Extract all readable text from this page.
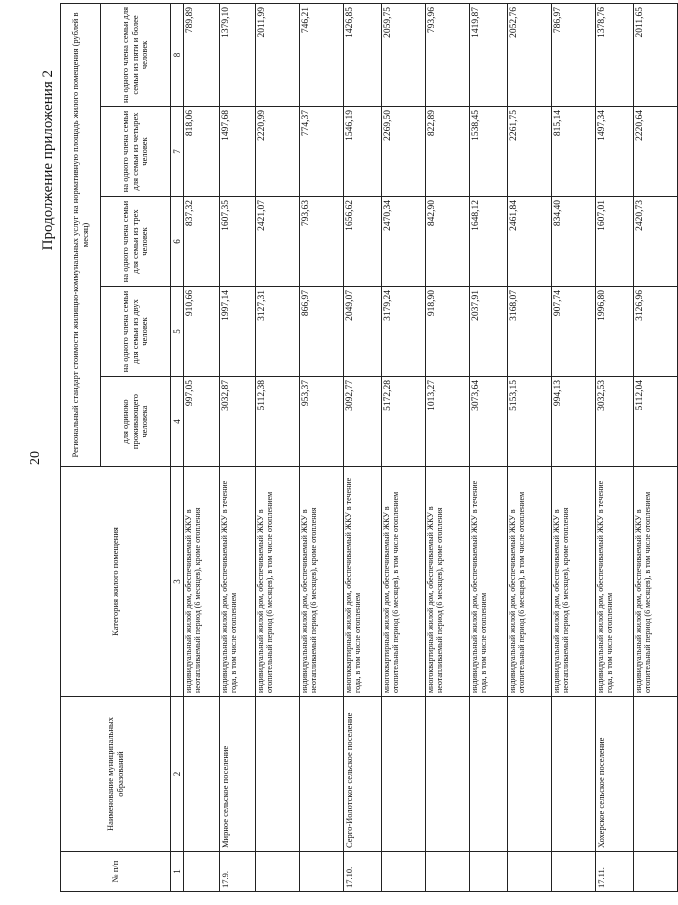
20
Продолжение приложения 2
№ п/п	Наименование муниципальных образований	Категория жилого помещения	Региональный стандарт стоимости жилищно-коммунальных услуг на нормативную площадь жилого помещения (рублей в месяц)				
			для одиноко проживающего человека	на одного члена семьи для семьи из двух человек	на одного члена семьи для семьи из трех человек	на одного члена семьи для семьи из четырех человек	на одного члена семьи для семьи из пяти и более человек
1	2	3	4	5	6	7	8
		индивидуальный жилой дом, обеспечиваемый ЖКУ в неотапливаемый период (6 месяцев), кроме отопления	997,05	910,66	837,32	818,06	789,89
17.9.	Мирное сельское поселение	индивидуальный жилой дом, обеспечиваемый ЖКУ в течение года, в том числе отоплением	3032,87	1997,14	1607,35	1497,68	1379,10
		индивидуальный жилой дом, обеспечиваемый ЖКУ в отопительный период (6 месяцев), в том числе отоплением	5112,38	3127,31	2421,07	2220,99	2011,99
		индивидуальный жилой дом, обеспечиваемый ЖКУ в неотапливаемый период (6 месяцев), кроме отопления	953,37	866,97	793,63	774,37	746,21
17.10.	Серго-Иолотское сельское поселение	многоквартирный жилой дом, обеспечиваемый ЖКУ в течение года, в том числе отоплением	3092,77	2049,07	1656,62	1546,19	1426,85
		многоквартирный жилой дом, обеспечиваемый ЖКУ в отопительный период (6 месяцев), в том числе отоплением	5172,28	3179,24	2470,34	2269,50	2059,75
		многоквартирный жилой дом, обеспечиваемый ЖКУ в неотапливаемый период (6 месяцев), кроме отопления	1013,27	918,90	842,90	822,89	793,96
		индивидуальный жилой дом, обеспечиваемый ЖКУ в течение года, в том числе отоплением	3073,64	2037,91	1648,12	1538,45	1419,87
		индивидуальный жилой дом, обеспечиваемый ЖКУ в отопительный период (6 месяцев), в том числе отоплением	5153,15	3168,07	2461,84	2261,75	2052,76
		индивидуальный жилой дом, обеспечиваемый ЖКУ в неотапливаемый период (6 месяцев), кроме отопления	994,13	907,74	834,40	815,14	786,97
17.11.	Хохерское сельское поселение	индивидуальный жилой дом, обеспечиваемый ЖКУ в течение года, в том числе отоплением	3032,53	1996,80	1607,01	1497,34	1378,76
		индивидуальный жилой дом, обеспечиваемый ЖКУ в отопительный период (6 месяцев), в том числе отоплением	5112,04	3126,96	2420,73	2220,64	2011,65
